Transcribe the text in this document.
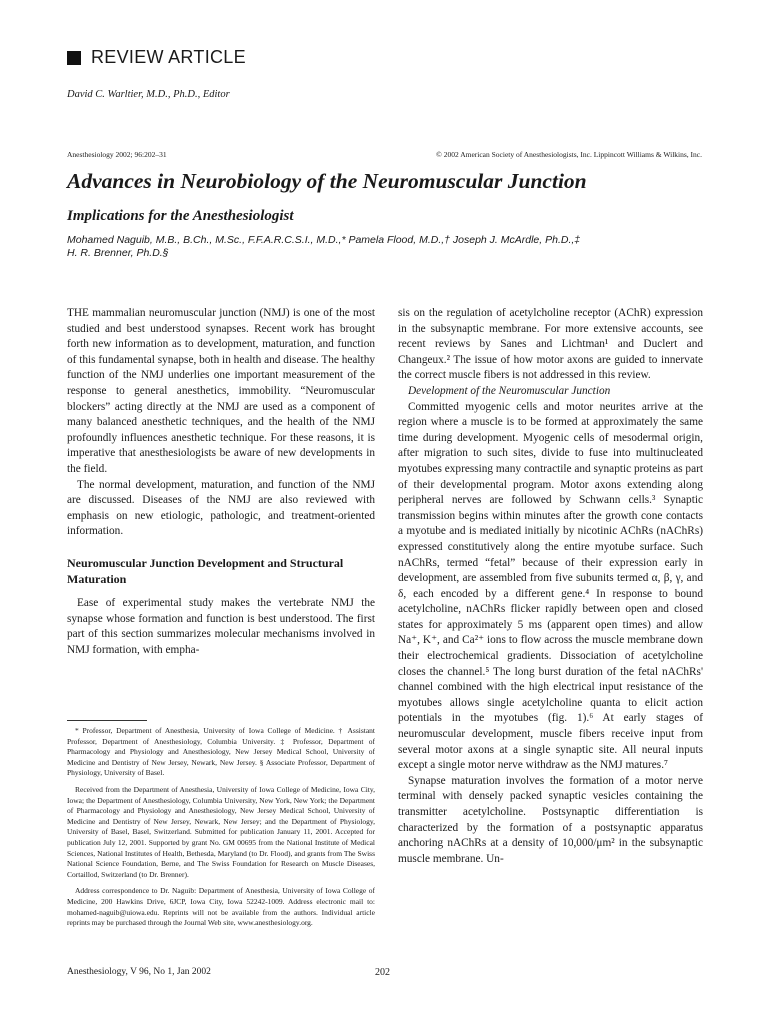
REVIEW ARTICLE
David C. Warltier, M.D., Ph.D., Editor
Anesthesiology 2002; 96:202–31	© 2002 American Society of Anesthesiologists, Inc. Lippincott Williams & Wilkins, Inc.
Advances in Neurobiology of the Neuromuscular Junction
Implications for the Anesthesiologist
Mohamed Naguib, M.B., B.Ch., M.Sc., F.F.A.R.C.S.I., M.D.,* Pamela Flood, M.D.,† Joseph J. McArdle, Ph.D.,‡
H. R. Brenner, Ph.D.§

THE mammalian neuromuscular junction (NMJ) is one of the most studied and best understood synapses. Recent work has brought forth new information as to development, maturation, and function of this fundamental synapse, both in health and disease. The healthy function of the NMJ underlies one important measurement of the response to general anesthetics, immobility. “Neuromuscular blockers” acting directly at the NMJ are used as a component of many balanced anesthetic techniques, and the health of the NMJ profoundly influences anesthetic technique. For these reasons, it is imperative that anesthesiologists be aware of new developments in the field.

The normal development, maturation, and function of the NMJ are discussed. Diseases of the NMJ are also reviewed with emphasis on new etiologic, pathologic, and treatment-oriented information.

Neuromuscular Junction Development and Structural Maturation

Ease of experimental study makes the vertebrate NMJ the synapse whose formation and function is best understood. The first part of this section summarizes molecular mechanisms involved in NMJ formation, with empha-

* Professor, Department of Anesthesia, University of Iowa College of Medicine. † Assistant Professor, Department of Anesthesiology, Columbia University. ‡ Professor, Department of Pharmacology and Physiology and Anesthesiology, New Jersey Medical School, University of Medicine and Dentistry of New Jersey, Newark, New Jersey. § Associate Professor, Department of Physiology, University of Basel.

Received from the Department of Anesthesia, University of Iowa College of Medicine, Iowa City, Iowa; the Department of Anesthesiology, Columbia University, New York, New York; the Department of Pharmacology and Physiology and Anesthesiology, New Jersey Medical School, University of Medicine and Dentistry of New Jersey, Newark, New Jersey; and the Department of Physiology, University of Basel, Basel, Switzerland. Submitted for publication January 11, 2001. Accepted for publication July 12, 2001. Supported by grant No. GM 00695 from the National Institute of Medical Sciences, National Institutes of Health, Bethesda, Maryland (to Dr. Flood), and grants from The Swiss National Science Foundation, Berne, and The Swiss Foundation for Research on Muscle Diseases, Cortaillod, Switzerland (to Dr. Brenner).

Address correspondence to Dr. Naguib: Department of Anesthesia, University of Iowa College of Medicine, 200 Hawkins Drive, 6JCP, Iowa City, Iowa 52242-1009. Address electronic mail to: mohamed-naguib@uiowa.edu. Reprints will not be available from the authors. Individual article reprints may be purchased through the Journal Web site, www.anesthesiology.org.

sis on the regulation of acetylcholine receptor (AChR) expression in the subsynaptic membrane. For more extensive accounts, see recent reviews by Sanes and Lichtman¹ and Duclert and Changeux.² The issue of how motor axons are guided to innervate the correct muscle fibers is not addressed in this review.

Development of the Neuromuscular Junction

Committed myogenic cells and motor neurites arrive at the region where a muscle is to be formed at approximately the same time during development. Myogenic cells of mesodermal origin, after migration to such sites, divide to fuse into multinucleated myotubes expressing many contractile and synaptic proteins as part of their developmental program. Motor axons extending along peripheral nerves are followed by Schwann cells.³ Synaptic transmission begins within minutes after the growth cone contacts a myotube and is mediated initially by nicotinic AChRs (nAChRs) expressed constitutively along the entire myotube surface. Such nAChRs, termed “fetal” because of their expression early in development, are assembled from five subunits termed α, β, γ, and δ, each encoded by a different gene.⁴ In response to bound acetylcholine, nAChRs flicker rapidly between open and closed states for approximately 5 ms (apparent open times) and allow Na⁺, K⁺, and Ca²⁺ ions to flow across the muscle membrane down their electrochemical gradients. Dissociation of acetylcholine closes the channel.⁵ The long burst duration of the fetal nAChRs' channel combined with the high electrical input resistance of the myotubes allows single acetylcholine quanta to elicit action potentials in the myotubes (fig. 1).⁶ At early stages of neuromuscular development, muscle fibers receive input from several motor axons at a single synaptic site. All neural inputs except a single motor nerve withdraw as the NMJ matures.⁷

Synapse maturation involves the formation of a motor nerve terminal with densely packed synaptic vesicles containing the transmitter acetylcholine. Postsynaptic differentiation is characterized by the formation of a postsynaptic apparatus anchoring nAChRs at a density of 10,000/μm² in the subsynaptic muscle membrane. Un-

Anesthesiology, V 96, No 1, Jan 2002	202
